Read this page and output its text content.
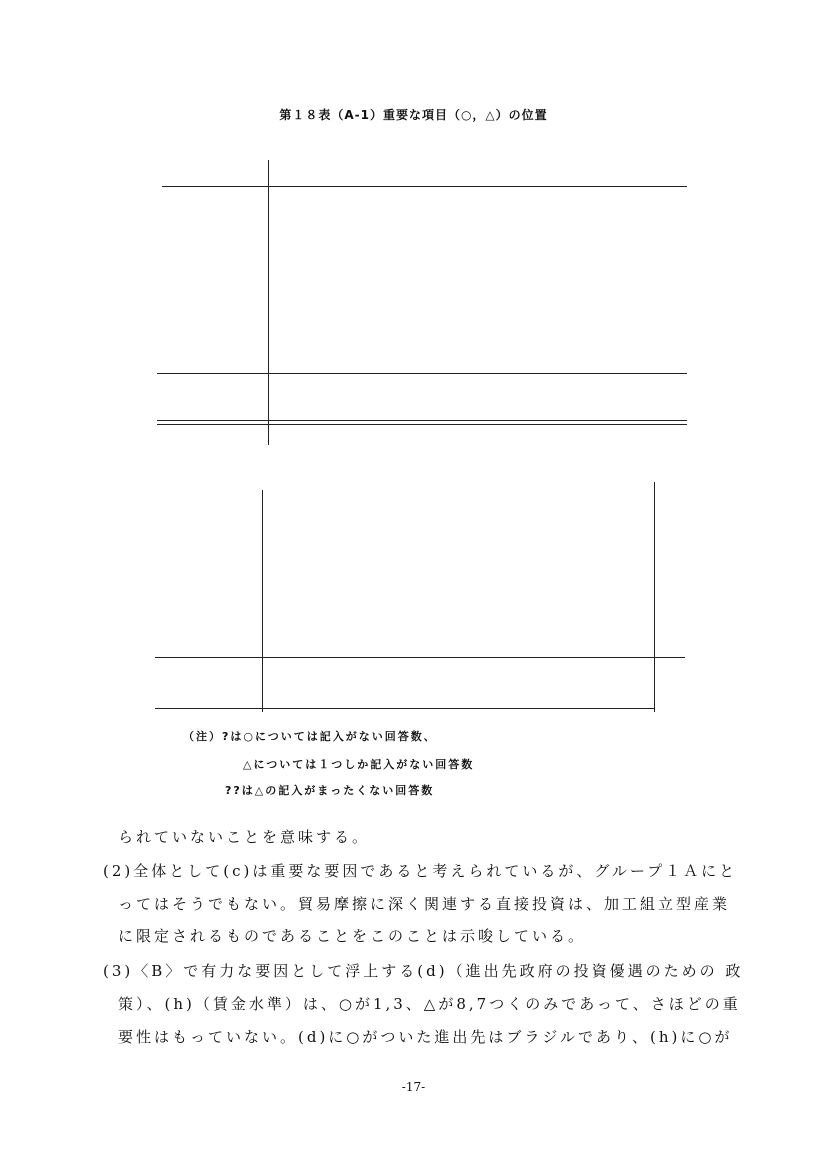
第１８表（A-1）重要な項目（○，△）の位置
（注）?は○については記入がない回答数、
△については１つしか記入がない回答数
??は△の記入がまったくない回答数
られていないことを意味する。
(2)全体として(c)は重要な要因であると考えられているが、グループ１Ａにと
ってはそうでもない。貿易摩擦に深く関連する直接投資は、加工組立型産業
に限定されるものであることをこのことは示唆している。
(3)〈B〉で有力な要因として浮上する(d)（進出先政府の投資優遇のための 政
策）、(h)（賃金水準）は、○が1,3、△が8,7つくのみであって、さほどの重
要性はもっていない。(d)に○がついた進出先はブラジルであり、(h)に○が
-17-
